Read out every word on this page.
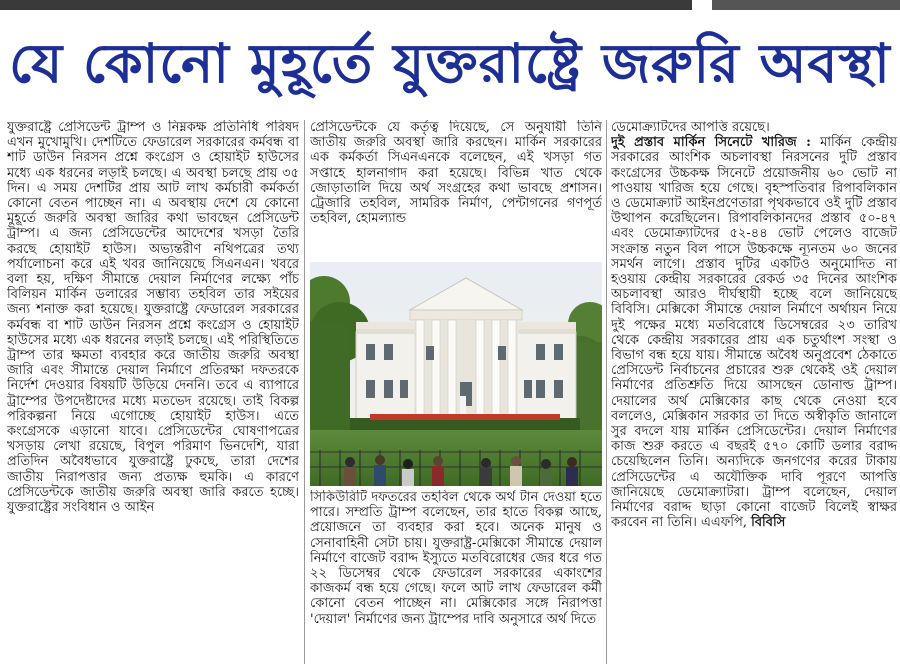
যে কোনো মুহূর্তে যুক্তরাষ্ট্রে জরুরি অবস্থা

যুক্তরাষ্ট্রে প্রেসিডেন্ট ট্রাম্প ও নিম্নকক্ষ প্রতিনিধি পরিষদ এখন মুখোমুখি। দেশটিতে ফেডারেল সরকারের কর্মবন্ধ বা শাট ডাউন নিরসন প্রশ্নে কংগ্রেস ও হোয়াইট হাউসের মধ্যে এক ধরনের লড়াই চলছে। এ অবস্থা চলছে প্রায় ৩৫ দিন। এ সময় দেশটির প্রায় আট লাখ কর্মচারী কর্মকর্তা কোনো বেতন পাচ্ছেন না। এ অবস্থায় দেশে যে কোনো মুহূর্তে জরুরি অবস্থা জারির কথা ভাবছেন প্রেসিডেন্ট ট্রাম্প। এ জন্য প্রেসিডেন্টের আদেশের খসড়া তৈরি করছে হোয়াইট হাউস। অভ্যন্তরীণ নথিপত্রের তথ্য পর্যালোচনা করে এই খবর জানিয়েছে সিএনএন। খবরে বলা হয়, দক্ষিণ সীমান্তে দেয়াল নির্মাণের লক্ষ্যে পাঁচ বিলিয়ন মার্কিন ডলারের সম্ভাব্য তহবিল তার সইয়ের জন্য শনাক্ত করা হয়েছে। যুক্তরাষ্ট্রে ফেডারেল সরকারের কর্মবন্ধ বা শাট ডাউন নিরসন প্রশ্নে কংগ্রেস ও হোয়াইট হাউসের মধ্যে এক ধরনের লড়াই চলছে। এই পরিস্থিতিতে ট্রাম্প তার ক্ষমতা ব্যবহার করে জাতীয় জরুরি অবস্থা জারি এবং সীমান্তে দেয়াল নির্মাণে প্রতিরক্ষা দফতরকে নির্দেশ দেওয়ার বিষয়টি উড়িয়ে দেননি। তবে এ ব্যাপারে ট্রাম্পের উপদেষ্টাদের মধ্যে মতভেদ রয়েছে। তাই বিকল্প পরিকল্পনা নিয়ে এগোচ্ছে হোয়াইট হাউস। এতে কংগ্রেসকে এড়ানো যাবে। প্রেসিডেন্টের ঘোষণাপত্রের খসড়ায় লেখা রয়েছে, বিপুল পরিমাণ ভিনদেশি, যারা প্রতিদিন অবৈধভাবে যুক্তরাষ্ট্রে ঢুকছে, তারা দেশের জাতীয় নিরাপত্তার জন্য প্রত্যক্ষ হুমকি। এ কারণে প্রেসিডেন্টকে জাতীয় জরুরি অবস্থা জারি করতে হচ্ছে। যুক্তরাষ্ট্রের সংবিধান ও আইন

প্রেসিডেন্টকে যে কর্তৃত্ব দিয়েছে, সে অনুযায়ী তিনি জাতীয় জরুরি অবস্থা জারি করছেন। মার্কিন সরকারের এক কর্মকর্তা সিএনএনকে বলেছেন, এই খসড়া গত সপ্তাহে হালনাগাদ করা হয়েছে। বিভিন্ন খাত থেকে জোড়াতালি দিয়ে অর্থ সংগ্রহের কথা ভাবছে প্রশাসন। ট্রেজারি তহবিল, সামরিক নির্মাণ, পেন্টাগনের গণপূর্ত তহবিল, হোমল্যান্ড

সিকিউরিটি দফতরের তহবিল থেকে অর্থ টান দেওয়া হতে পারে। সম্প্রতি ট্রাম্প বলেছেন, তার হাতে বিকল্প আছে, প্রয়োজনে তা ব্যবহার করা হবে। অনেক মানুষ ও সেনাবাহিনী সেটা চায়। যুক্তরাষ্ট্র-মেক্সিকো সীমান্তে দেয়াল নির্মাণে বাজেট বরাদ্দ ইস্যুতে মতবিরোধের জের ধরে গত ২২ ডিসেম্বর থেকে ফেডারেল সরকারের একাংশের কাজকর্ম বন্ধ হয়ে গেছে। ফলে আট লাখ ফেডারেল কর্মী কোনো বেতন পাচ্ছেন না। মেক্সিকোর সঙ্গে নিরাপত্তা 'দেয়াল' নির্মাণের জন্য ট্রাম্পের দাবি অনুসারে অর্থ দিতে

ডেমোক্র্যাটদের আপত্তি রয়েছে।

দুই প্রস্তাব মার্কিন সিনেটে খারিজ : মার্কিন কেন্দ্রীয় সরকারের আংশিক অচলাবস্থা নিরসনের দুটি প্রস্তাব কংগ্রেসের উচ্চকক্ষ সিনেটে প্রয়োজনীয় ৬০ ভোট না পাওয়ায় খারিজ হয়ে গেছে। বৃহস্পতিবার রিপাবলিকান ও ডেমোক্র্যাট আইনপ্রণেতারা পৃথকভাবে ওই দুটি প্রস্তাব উত্থাপন করেছিলেন। রিপাবলিকানদের প্রস্তাব ৫০-৪৭ এবং ডেমোক্র্যাটদের ৫২-৪৪ ভোট পেলেও বাজেট সংক্রান্ত নতুন বিল পাসে উচ্চকক্ষে ন্যূনতম ৬০ জনের সমর্থন লাগে। প্রস্তাব দুটির একটিও অনুমোদিত না হওয়ায় কেন্দ্রীয় সরকারের রেকর্ড ৩৫ দিনের আংশিক অচলাবস্থা আরও দীর্ঘস্থায়ী হচ্ছে বলে জানিয়েছে বিবিসি। মেক্সিকো সীমান্তে দেয়াল নির্মাণে অর্থায়ন নিয়ে দুই পক্ষের মধ্যে মতবিরোধে ডিসেম্বরের ২৩ তারিখ থেকে কেন্দ্রীয় সরকারের প্রায় এক চতুর্থাংশ সংস্থা ও বিভাগ বন্ধ হয়ে যায়। সীমান্তে অবৈধ অনুপ্রবেশ ঠেকাতে প্রেসিডেন্ট নির্বাচনের প্রচারের শুরু থেকেই ওই দেয়াল নির্মাণের প্রতিশ্রুতি দিয়ে আসছেন ডোনাল্ড ট্রাম্প। দেয়ালের অর্থ মেক্সিকোর কাছ থেকে নেওয়া হবে বললেও, মেক্সিকান সরকার তা দিতে অস্বীকৃতি জানালে সুর বদলে যায় মার্কিন প্রেসিডেন্টের। দেয়াল নির্মাণের কাজ শুরু করতে এ বছরই ৫৭০ কোটি ডলার বরাদ্দ চেয়েছিলেন তিনি। অন্যদিকে জনগণের করের টাকায় প্রেসিডেন্টের এ অযৌক্তিক দাবি পূরণে আপত্তি জানিয়েছে ডেমোক্র্যাটরা। ট্রাম্প বলেছেন, দেয়াল নির্মাণের বরাদ্দ ছাড়া কোনো বাজেট বিলেই স্বাক্ষর করবেন না তিনি। এএফপি, বিবিসি
